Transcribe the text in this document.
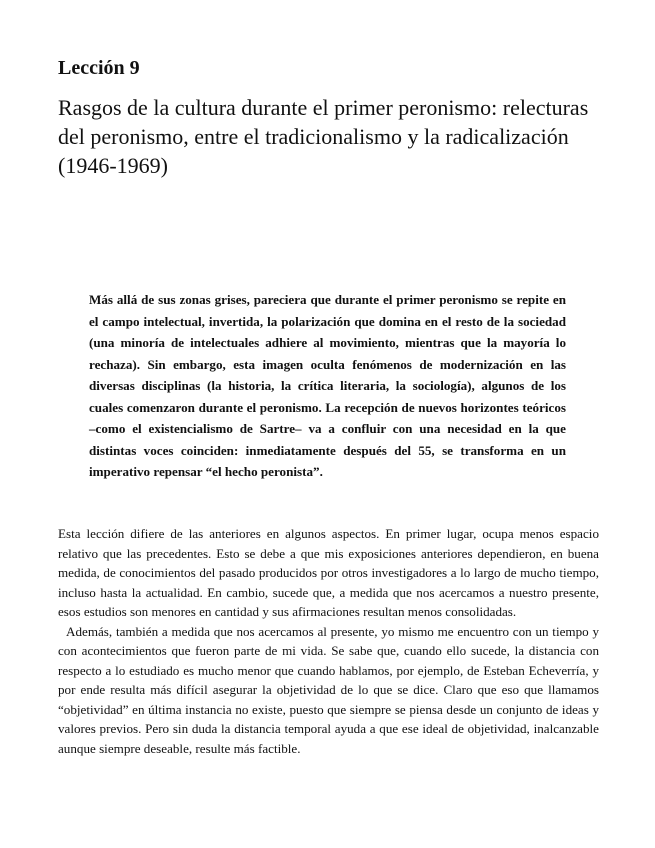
Lección 9
Rasgos de la cultura durante el primer peronismo: relecturas del peronismo, entre el tradicionalismo y la radicalización (1946-1969)

Más allá de sus zonas grises, pareciera que durante el primer peronismo se repite en el campo intelectual, invertida, la polarización que domina en el resto de la sociedad (una minoría de intelectuales adhiere al movimiento, mientras que la mayoría lo rechaza). Sin embargo, esta imagen oculta fenómenos de modernización en las diversas disciplinas (la historia, la crítica literaria, la sociología), algunos de los cuales comenzaron durante el peronismo. La recepción de nuevos horizontes teóricos –como el existencialismo de Sartre– va a confluir con una necesidad en la que distintas voces coinciden: inmediatamente después del 55, se transforma en un imperativo repensar “el hecho peronista”.

Esta lección difiere de las anteriores en algunos aspectos. En primer lugar, ocupa menos espacio relativo que las precedentes. Esto se debe a que mis exposiciones anteriores dependieron, en buena medida, de conocimientos del pasado producidos por otros investigadores a lo largo de mucho tiempo, incluso hasta la actualidad. En cambio, sucede que, a medida que nos acercamos a nuestro presente, esos estudios son menores en cantidad y sus afirmaciones resultan menos consolidadas.

Además, también a medida que nos acercamos al presente, yo mismo me encuentro con un tiempo y con acontecimientos que fueron parte de mi vida. Se sabe que, cuando ello sucede, la distancia con respecto a lo estudiado es mucho menor que cuando hablamos, por ejemplo, de Esteban Echeverría, y por ende resulta más difícil asegurar la objetividad de lo que se dice. Claro que eso que llamamos “objetividad” en última instancia no existe, puesto que siempre se piensa desde un conjunto de ideas y valores previos. Pero sin duda la distancia temporal ayuda a que ese ideal de objetividad, inalcanzable aunque siempre deseable, resulte más factible.
